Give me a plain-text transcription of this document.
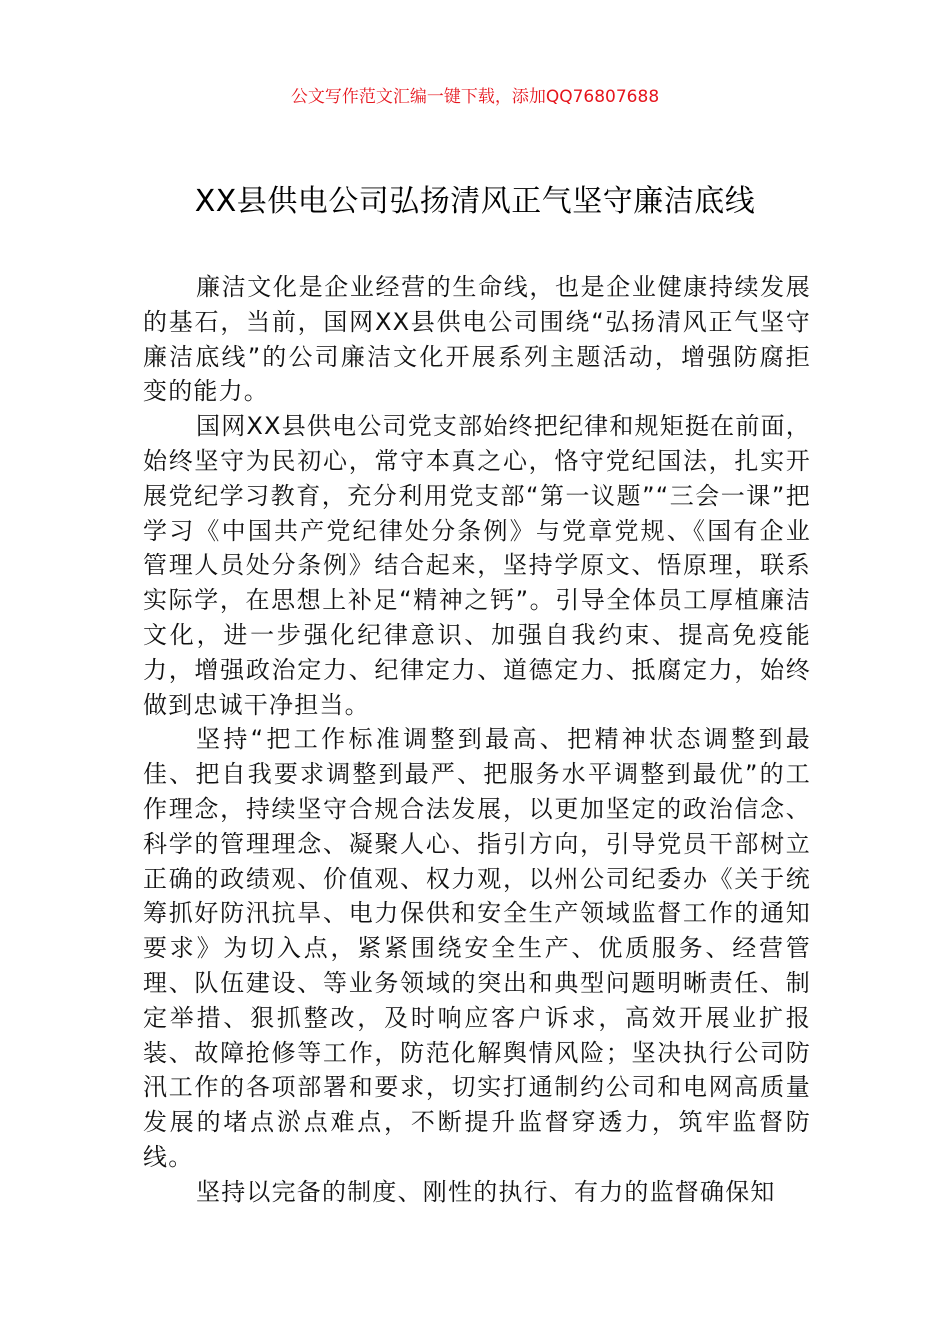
公文写作范文汇编一键下载，添加QQ76807688
XX县供电公司弘扬清风正气坚守廉洁底线

廉洁文化是企业经营的生命线，也是企业健康持续发展的基石，当前，国网XX县供电公司围绕“弘扬清风正气坚守廉洁底线”的公司廉洁文化开展系列主题活动，增强防腐拒变的能力。

国网XX县供电公司党支部始终把纪律和规矩挺在前面，始终坚守为民初心，常守本真之心，恪守党纪国法，扎实开展党纪学习教育，充分利用党支部“第一议题”“三会一课”把学习《中国共产党纪律处分条例》与党章党规、《国有企业管理人员处分条例》结合起来，坚持学原文、悟原理，联系实际学，在思想上补足“精神之钙”。引导全体员工厚植廉洁文化，进一步强化纪律意识、加强自我约束、提高免疫能力，增强政治定力、纪律定力、道德定力、抵腐定力，始终做到忠诚干净担当。

坚持“把工作标准调整到最高、把精神状态调整到最佳、把自我要求调整到最严、把服务水平调整到最优”的工作理念，持续坚守合规合法发展，以更加坚定的政治信念、科学的管理理念、凝聚人心、指引方向，引导党员干部树立正确的政绩观、价值观、权力观，以州公司纪委办《关于统筹抓好防汛抗旱、电力保供和安全生产领域监督工作的通知要求》为切入点，紧紧围绕安全生产、优质服务、经营管理、队伍建设、等业务领域的突出和典型问题明晰责任、制定举措、狠抓整改，及时响应客户诉求，高效开展业扩报装、故障抢修等工作，防范化解舆情风险；坚决执行公司防汛工作的各项部署和要求，切实打通制约公司和电网高质量发展的堵点淤点难点，不断提升监督穿透力，筑牢监督防线。

坚持以完备的制度、刚性的执行、有力的监督确保知
